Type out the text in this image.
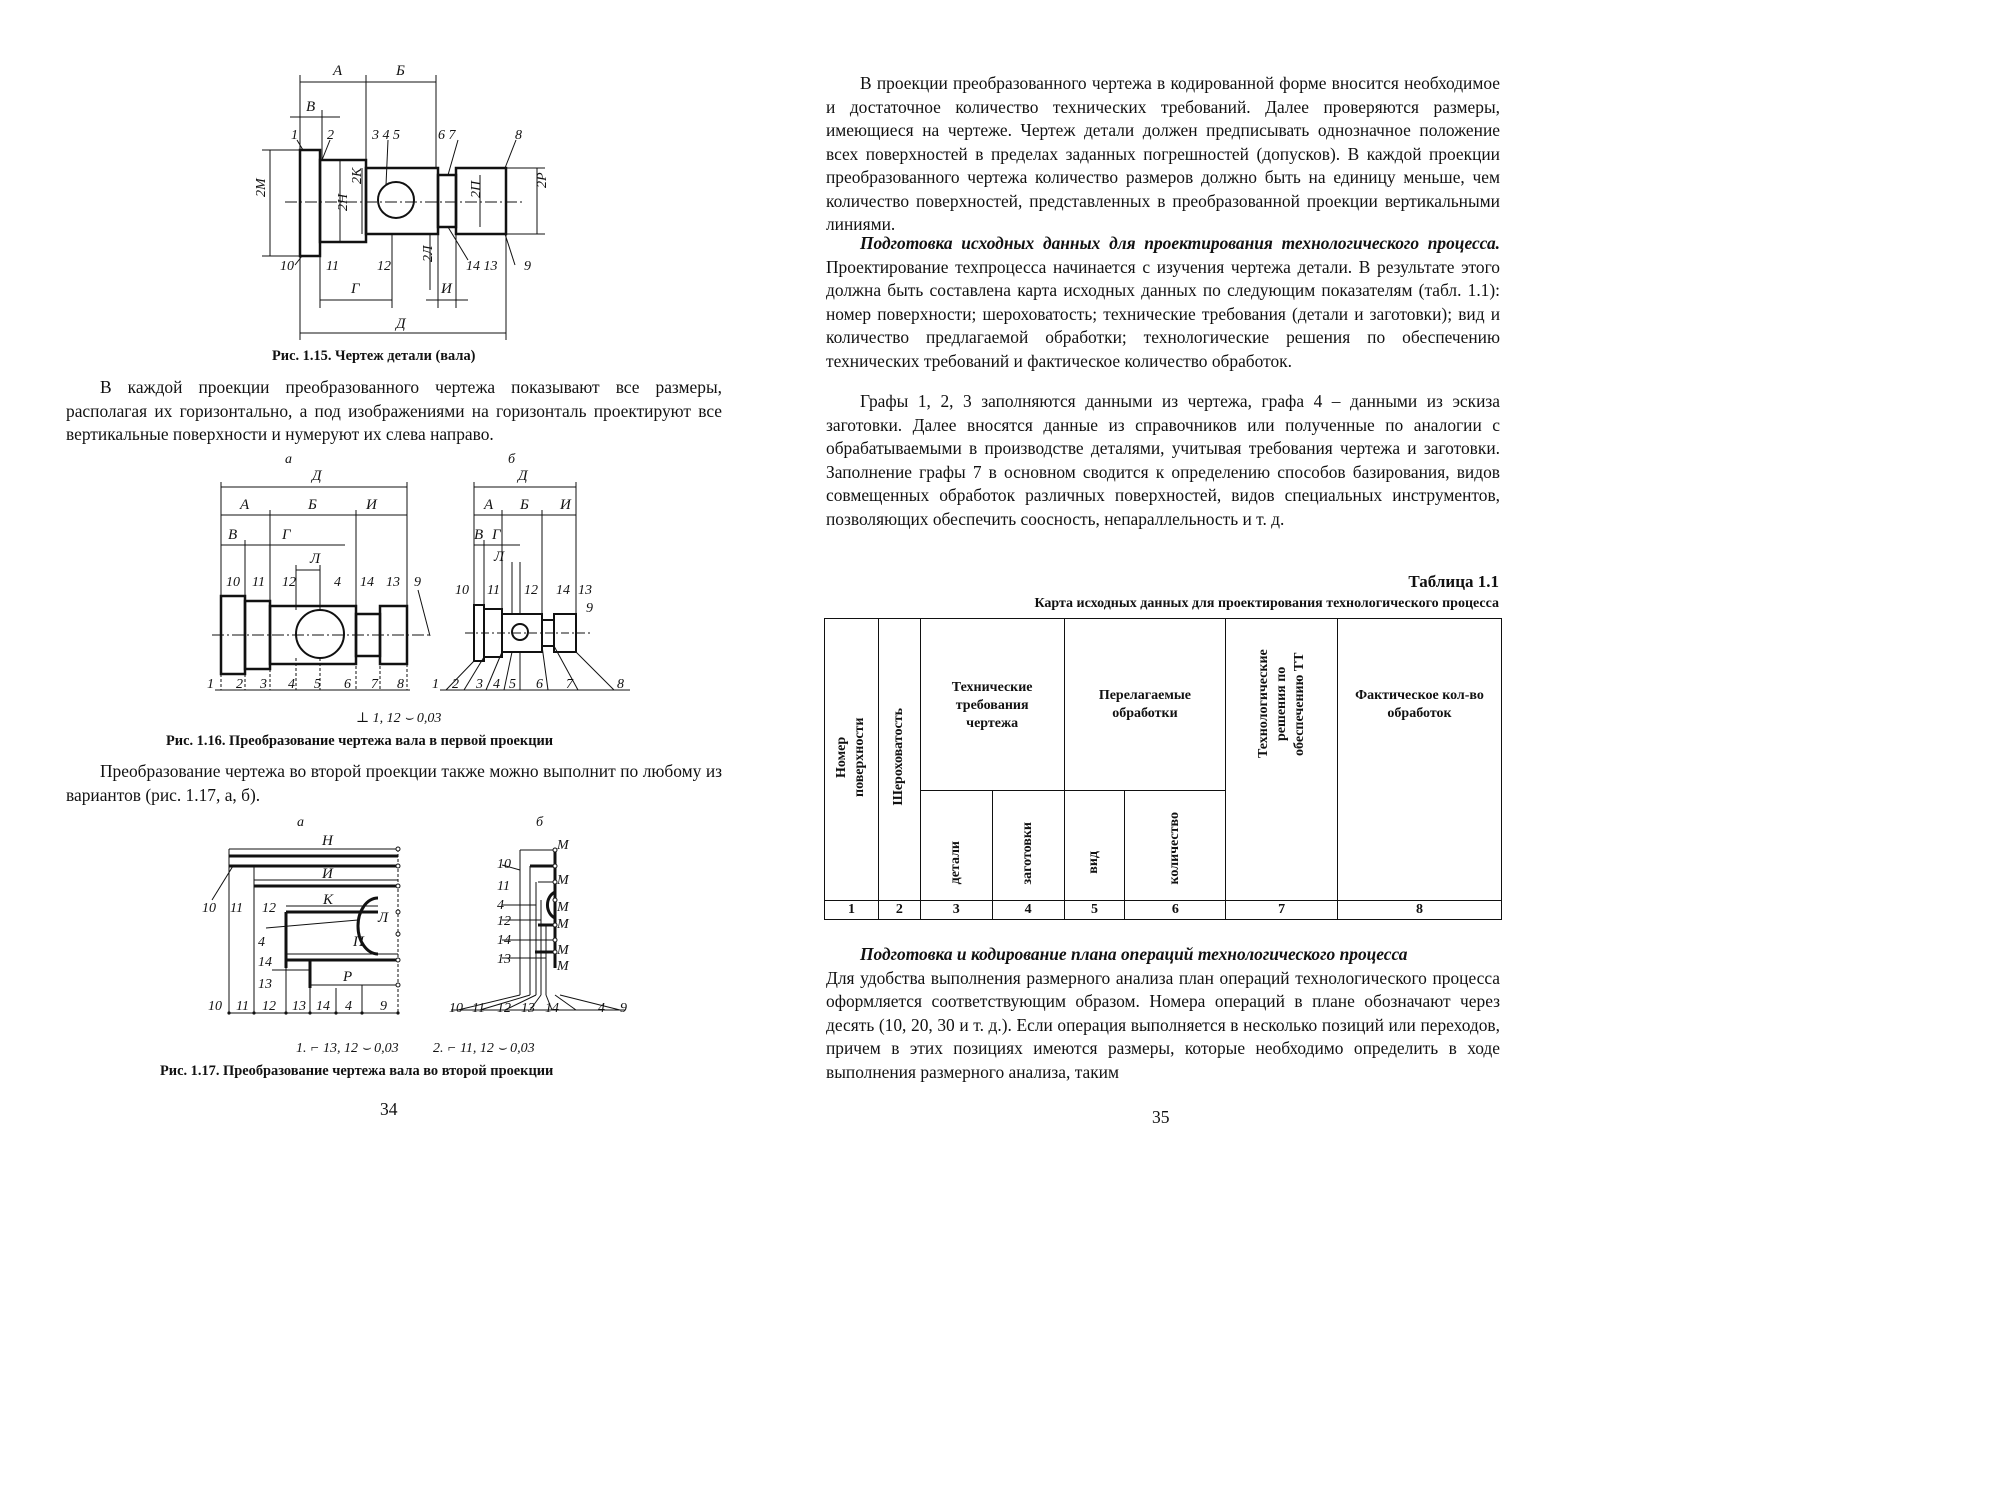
А	Б
В
Г	И
Д
2М
2Н
2К
2Л
2П
2Р
1 2	3 4 5	6 7	8
10 11	12	14 13 9
Рис. 1.15. Чертеж детали (вала)

В каждой проекции преобразованного чертежа показывают все размеры, располагая их горизонтально, а под изображениями на горизонталь проектируют все вертикальные поверхности и нумеруют их слева направо.

а	б
Д
А	Б	И
В	Г
Л
Д
А Б И
В Г
Л
10 11 12	4 14 13 9
10 11 12 14 13
9
1 2 3 4 5 6 7 8 1 2 3 4 5 6 7	8
⊥ 1, 12 ⌣ 0,03
Рис. 1.16. Преобразование чертежа вала в первой проекции

Преобразование чертежа во второй проекции также можно выполнит по любому из вариантов (рис. 1.17, а, б).

а	б
Н
И
К
Л
П
Р
10 11 12
4
14
13
10 11 12 13 14 4 9
10
11
4
12
14
13
М
М
М
М
М
М
10 11 12 13 14	4 9
1. ⌐ 13, 12 ⌣ 0,03 2. ⌐ 11, 12 ⌣ 0,03
Рис. 1.17. Преобразование чертежа вала во второй проекции
34

В проекции преобразованного чертежа в кодированной форме вносится необходимое и достаточное количество технических требований. Далее проверяются размеры, имеющиеся на чертеже. Чертеж детали должен предписывать однозначное положение всех поверхностей в пределах заданных погрешностей (допусков). В каждой проекции преобразованного чертежа количество размеров должно быть на единицу меньше, чем количество поверхностей, представленных в преобразованной проекции вертикальными линиями.

Подготовка исходных данных для проектирования технологического процесса. Проектирование техпроцесса начинается с изучения чертежа детали. В результате этого должна быть составлена карта исходных данных по следующим показателям (табл. 1.1): номер поверхности; шероховатость; технические требования (детали и заготовки); вид и количество предлагаемой обработки; технологические решения по обеспечению технических требований и фактическое количество обработок.

Графы 1, 2, 3 заполняются данными из чертежа, графа 4 – данными из эскиза заготовки. Далее вносятся данные из справочников или полученные по аналогии с обрабатываемыми в производстве деталями, учитывая требования чертежа и заготовки. Заполнение графы 7 в основном сводится к определению способов базирования, видов совмещенных обработок различных поверхностей, видов специальных инструментов, позволяющих обеспечить соосность, непараллельность и т. д.

Таблица 1.1
Карта исходных данных для проектирования технологического процесса
Номер поверхности	Шероховатость	Технические требования чертежа		Перелагаемые обработки		Технологические решения по обеспечению ТТ	Фактическое кол-во обработок
		детали	заготовки	вид	количество		
1	2	3	4	5	6	7	8

Подготовка и кодирование плана операций технологического процесса

Для удобства выполнения размерного анализа план операций технологического процесса оформляется соответствующим образом. Номера операций в плане обозначают через десять (10, 20, 30 и т. д.). Если операция выполняется в несколько позиций или переходов, причем в этих позициях имеются размеры, которые необходимо определить в ходе выполнения размерного анализа, таким
35
